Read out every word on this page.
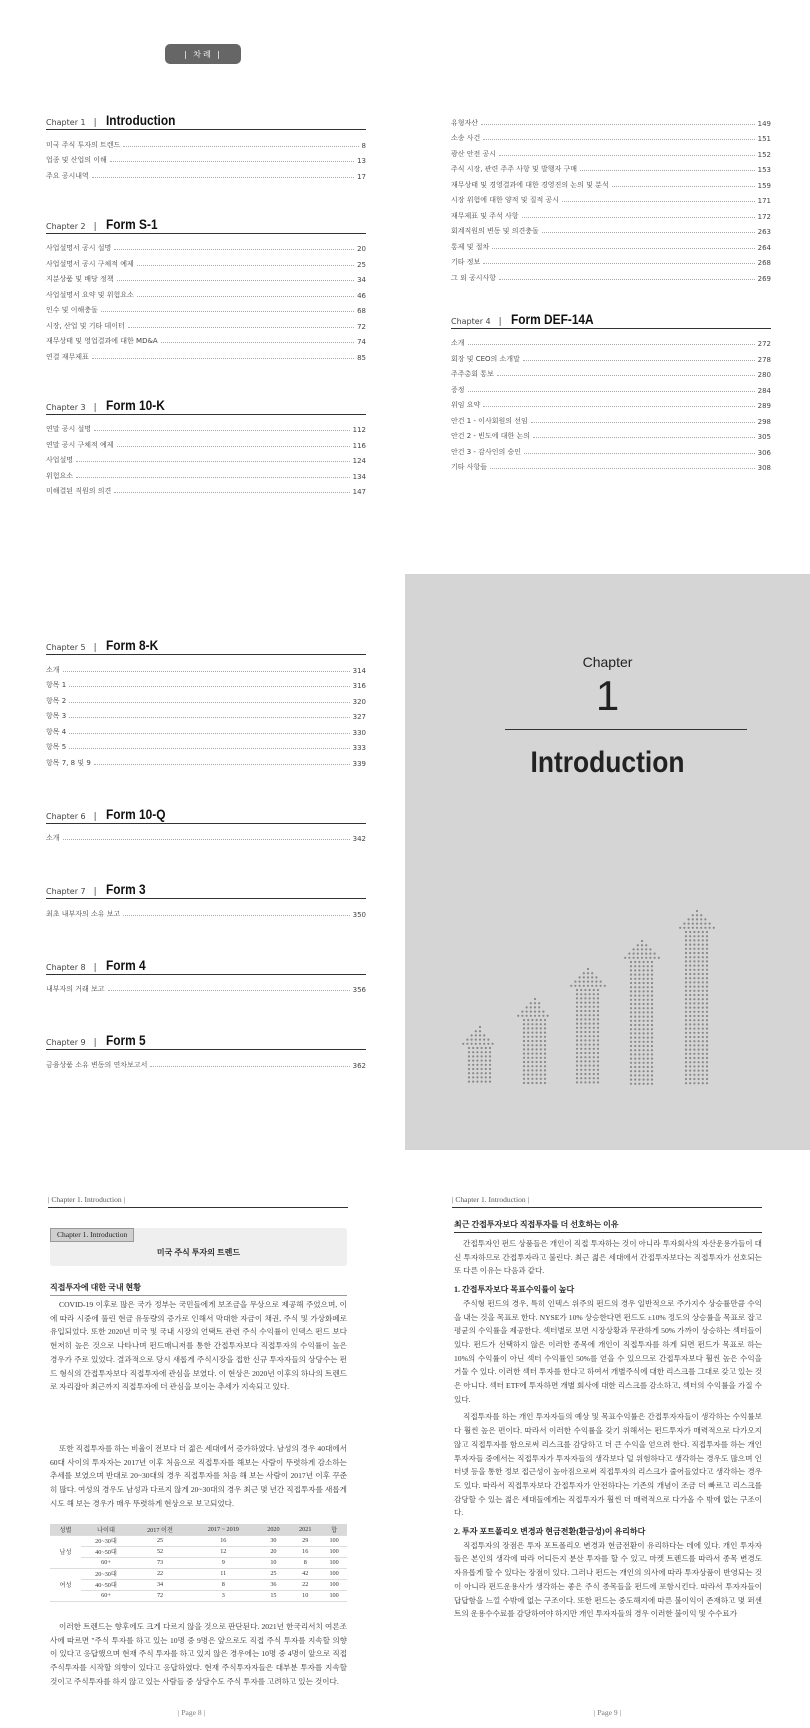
| 차례 |
Chapter 1 | Introduction
미국 주식 투자의 트렌드	8
업종 및 산업의 이해	13
주요 공시내역	17
Chapter 2 | Form S-1
사업설명서 공시 설명	20
사업설명서 공시 구체적 예제	25
지분상품 및 배당 정책	34
사업설명서 요약 및 위험요소	46
인수 및 이해충돌	68
시장, 산업 및 기타 데이터	72
재무상태 및 영업결과에 대한 MD&A	74
연결 재무제표	85
Chapter 3 | Form 10-K
연말 공시 설명	112
연말 공시 구체적 예제	116
사업설명	124
위험요소	134
미해결된 직원의 의견	147
유형자산	149
소송 사건	151
광산 안전 공시	152
주식 시장, 관련 주주 사항 및 발행자 구매	153
재무상태 및 경영결과에 대한 경영진의 논의 및 분석	159
시장 위험에 대한 양적 및 질적 공시	171
재무제표 및 주석 사항	172
회계직원의 변동 및 의견충돌	263
통제 및 절차	264
기타 정보	268
그 외 공시사항	269
Chapter 4 | Form DEF-14A
소개	272
회장 및 CEO의 소개말	278
주주총회 통보	280
증정	284
위임 요약	289
안건 1 - 이사회원의 선임	298
안건 2 - 빈도에 대한 논의	305
안건 3 - 감사인의 승인	306
기타 사항들	308
Chapter 5 | Form 8-K
소개	314
항목 1	316
항목 2	320
항목 3	327
항목 4	330
항목 5	333
항목 7, 8 및 9	339
Chapter 6 | Form 10-Q
소개	342
Chapter 7 | Form 3
최초 내부자의 소유 보고	350
Chapter 8 | Form 4
내부자의 거래 보고	356
Chapter 9 | Form 5
금융상품 소유 변동의 연차보고서	362
Chapter
1
Introduction
| Chapter 1. Introduction |
Chapter 1. Introduction
미국 주식 투자의 트렌드
직접투자에 대한 국내 현황

COVID-19 이후로 많은 국가 정부는 국민들에게 보조금을 무상으로 제공해 주었으며, 이에 따라 시중에 풀린 현금 유동량의 증가로 인해서 막대한 자금이 채권, 주식 및 가상화폐로 유입되었다. 또한 2020년 미국 및 국내 시장의 언택트 관련 주식 수익률이 인덱스 펀드 보다 현저히 높은 것으로 나타나며 펀드매니저를 통한 간접투자보다 직접투자의 수익률이 높은 경우가 주로 있었다. 결과적으로 당시 새롭게 주식시장을 접한 신규 투자자들의 상당수는 펀드 형식의 간접투자보다 직접투자에 관심을 보였다. 이 현상은 2020년 이후의 하나의 트렌드로 자리잡아 최근까지 직접투자에 더 관심을 보이는 추세가 지속되고 있다.

또한 직접투자를 하는 비율이 전보다 더 젊은 세대에서 증가하였다. 남성의 경우 40대에서 60대 사이의 투자자는 2017년 이후 처음으로 직접투자를 해보는 사람이 뚜렷하게 감소하는 추세를 보였으며 반대로 20~30대의 경우 직접투자를 처음 해 보는 사람이 2017년 이후 꾸준히 많다. 여성의 경우도 남성과 다르지 않게 20~30대의 경우 최근 몇 년간 직접투자를 새롭게 시도 해 보는 경우가 매우 뚜렷하게 현상으로 보고되었다.

성별	나이대	2017 이전	2017 ~ 2019	2020	2021	합
남성	20~30대	25	16	30	29	100
	40~50대	52	12	20	16	100
	60+	73	9	10	8	100
여성	20~30대	22	11	25	42	100
	40~50대	34	8	36	22	100
	60+	72	3	15	10	100

이러한 트렌드는 향후에도 크게 다르지 않을 것으로 판단된다. 2021년 한국리서치 여론조사에 따르면 "주식 투자를 하고 있는 10명 중 9명은 앞으로도 직접 주식 투자를 지속할 의향이 있다고 응답했으며 현재 주식 투자를 하고 있지 않은 경우에는 10명 중 4명이 앞으로 직접 주식투자를 시작할 의향이 있다고 응답하였다. 현재 주식투자자들은 대부분 투자를 지속할 것이고 주식투자를 하지 않고 있는 사람들 중 상당수도 주식 투자를 고려하고 있는 것이다.

| Page 8 |
| Chapter 1. Introduction |
최근 간접투자보다 직접투자를 더 선호하는 이유

간접투자인 펀드 상품들은 개인이 직접 투자하는 것이 아니라 투자회사의 자산운용가들이 대신 투자하므로 간접투자라고 불린다. 최근 젊은 세대에서 간접투자보다는 직접투자가 선호되는 또 다른 이유는 다음과 같다.

1. 간접투자보다 목표수익률이 높다

주식형 펀드의 경우, 특히 인덱스 위주의 펀드의 경우 일반적으로 주가지수 상승률만큼 수익을 내는 것을 목표로 한다. NYSE가 10% 상승한다면 펀드도 ±10% 정도의 상승률을 목표로 잡고 평균의 수익률을 제공한다. 섹터별로 보면 시장상황과 무관하게 50% 가까이 상승하는 섹터들이 있다. 펀드가 선택하지 않은 이러한 종목에 개인이 직접투자를 하게 되면 펀드가 목표로 하는 10%의 수익률이 아닌 섹터 수익률인 50%를 얻을 수 있으므로 간접투자보다 훨씬 높은 수익을 거둘 수 있다. 이러한 섹터 투자를 한다고 하여서 개별주식에 대한 리스크를 그대로 갖고 있는 것은 아니다. 섹터 ETF에 투자하면 개별 회사에 대한 리스크를 감소하고, 섹터의 수익률을 가질 수 있다.

직접투자를 하는 개인 투자자들의 예상 및 목표수익률은 간접투자자들이 생각하는 수익률보다 훨씬 높은 편이다. 따라서 이러한 수익률을 갖기 위해서는 펀드투자가 매력적으로 다가오지 않고 직접투자를 함으로써 리스크를 감당하고 더 큰 수익을 얻으려 한다. 직접투자를 하는 개인투자자들 중에서는 직접투자가 투자자들의 생각보다 덜 위험하다고 생각하는 경우도 많으며 인터넷 등을 통한 정보 접근성이 높아짐으로써 직접투자의 리스크가 줄어들었다고 생각하는 경우도 있다. 따라서 직접투자보다 간접투자가 안전하다는 기존의 개념이 조금 더 빠르고 리스크를 감당할 수 있는 젊은 세대들에게는 직접투자가 훨씬 더 매력적으로 다가올 수 밖에 없는 구조이다.

2. 투자 포트폴리오 변경과 현금전환(환금성)이 유리하다

직접투자의 장점은 투자 포트폴리오 변경과 현금전환이 유리하다는 데에 있다. 개인 투자자들은 본인의 생각에 따라 어디든지 분산 투자를 할 수 있고, 마켓 트렌드를 따라서 종목 변경도 자유롭게 할 수 있다는 장점이 있다. 그러나 펀드는 개인의 의사에 따라 투자상품이 반영되는 것이 아니라 펀드운용사가 생각하는 좋은 주식 종목들을 펀드에 포함시킨다. 따라서 투자자들이 답답함을 느낄 수밖에 없는 구조이다. 또한 펀드는 중도해지에 따른 불이익이 존재하고 몇 퍼센트의 운용수수료를 감당하여야 하지만 개인 투자자들의 경우 이러한 불이익 및 수수료가

| Page 9 |
